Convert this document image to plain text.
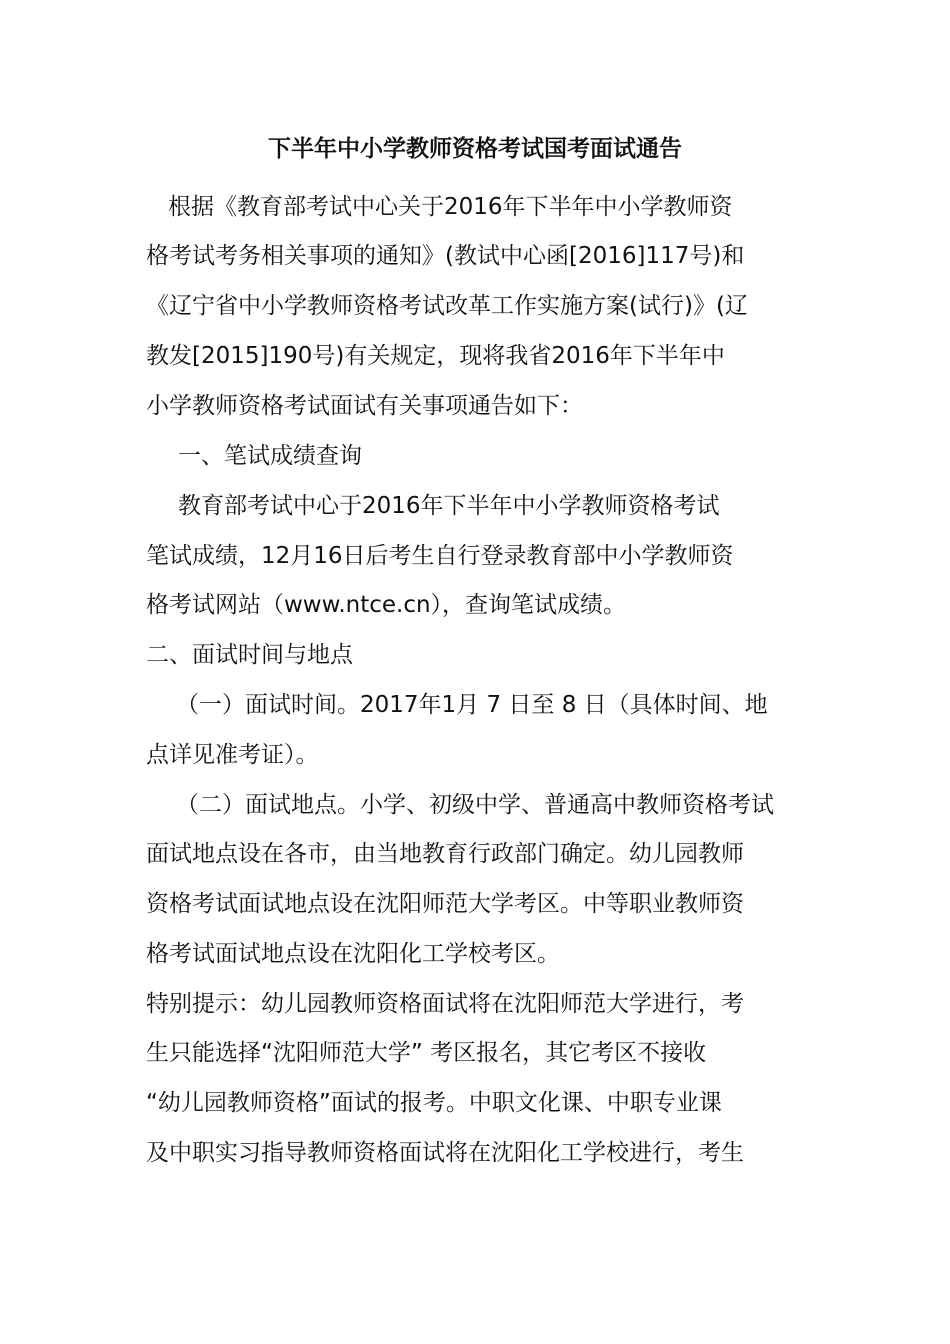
下半年中小学教师资格考试国考面试通告
根据《教育部考试中心关于2016年下半年中小学教师资
格考试考务相关事项的通知》(教试中心函[2016]117号)和
《辽宁省中小学教师资格考试改革工作实施方案(试行)》(辽
教发[2015]190号)有关规定，现将我省2016年下半年中
小学教师资格考试面试有关事项通告如下：
一、笔试成绩查询
教育部考试中心于2016年下半年中小学教师资格考试
笔试成绩，12月16日后考生自行登录教育部中小学教师资
格考试网站（www.ntce.cn），查询笔试成绩。
二、面试时间与地点
（一）面试时间。2017年1月 7 日至 8 日（具体时间、地
点详见准考证）。
（二）面试地点。小学、初级中学、普通高中教师资格考试
面试地点设在各市，由当地教育行政部门确定。幼儿园教师
资格考试面试地点设在沈阳师范大学考区。中等职业教师资
格考试面试地点设在沈阳化工学校考区。
特别提示：幼儿园教师资格面试将在沈阳师范大学进行，考
生只能选择“沈阳师范大学” 考区报名，其它考区不接收
“幼儿园教师资格”面试的报考。中职文化课、中职专业课
及中职实习指导教师资格面试将在沈阳化工学校进行，考生
